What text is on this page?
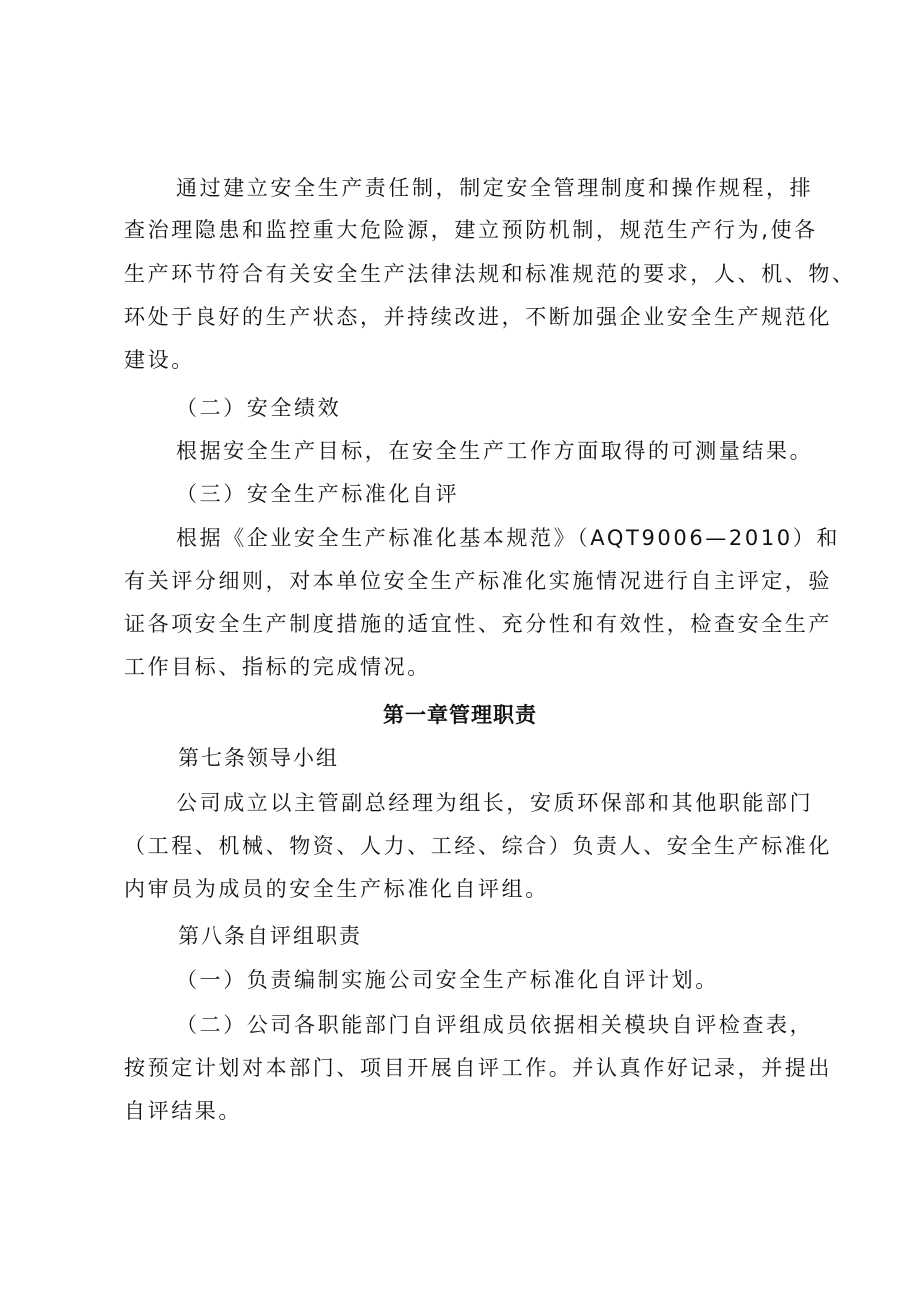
通过建立安全生产责任制，制定安全管理制度和操作规程，排
查治理隐患和监控重大危险源，建立预防机制，规范生产行为,使各
生产环节符合有关安全生产法律法规和标准规范的要求，人、机、物、
环处于良好的生产状态，并持续改进，不断加强企业安全生产规范化
建设。
（二）安全绩效
根据安全生产目标，在安全生产工作方面取得的可测量结果。
（三）安全生产标准化自评
根据《企业安全生产标准化基本规范》（AQT9006—2010）和
有关评分细则，对本单位安全生产标准化实施情况进行自主评定，验
证各项安全生产制度措施的适宜性、充分性和有效性，检查安全生产
工作目标、指标的完成情况。
第一章管理职责
第七条领导小组
公司成立以主管副总经理为组长，安质环保部和其他职能部门
（工程、机械、物资、人力、工经、综合）负责人、安全生产标准化
内审员为成员的安全生产标准化自评组。
第八条自评组职责
（一）负责编制实施公司安全生产标准化自评计划。
（二）公司各职能部门自评组成员依据相关模块自评检查表，
按预定计划对本部门、项目开展自评工作。并认真作好记录，并提出
自评结果。
